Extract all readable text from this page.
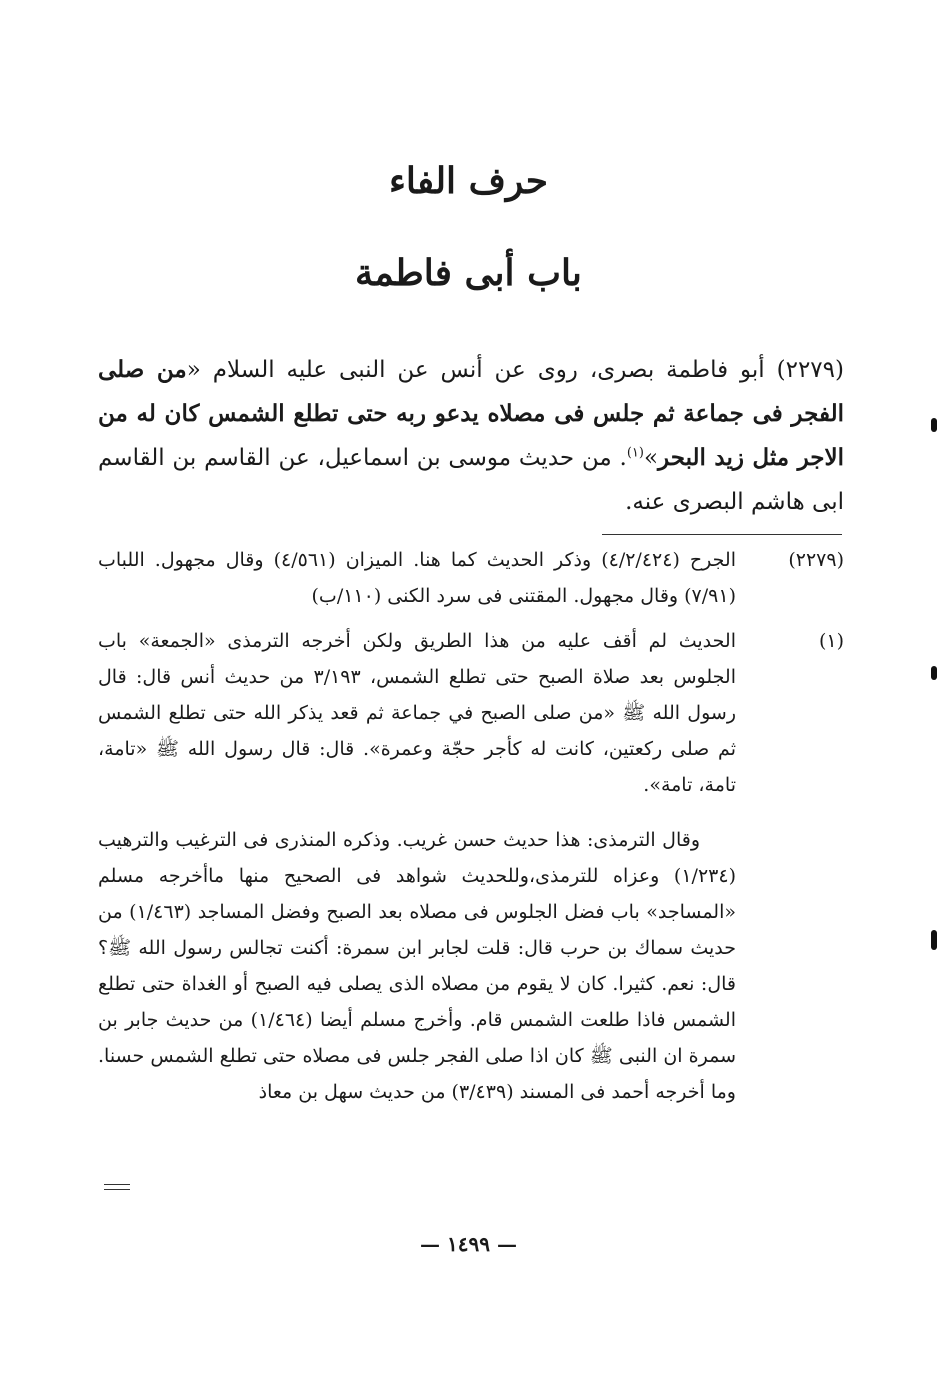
حرف الفاء
باب أبى فاطمة

(٢٢٧٩) أبو فاطمة بصرى، روى عن أنس عن النبى عليه السلام «من صلى الفجر فى جماعة ثم جلس فى مصلاه يدعو ربه حتى تطلع الشمس كان له من الاجر مثل زيد البحر»$^{(١)}$. من حديث موسى بن اسماعيل، عن القاسم بن القاسم ابى هاشم البصرى عنه.

(٢٢٧٩)
الجرح (٤/٢/٤٢٤) وذكر الحديث كما هنا. الميزان (٤/٥٦١) وقال مجهول. اللباب (٧/٩١) وقال مجهول. المقتنى فى سرد الكنى (١١٠/ب)
(١)
الحديث لم أقف عليه من هذا الطريق ولكن أخرجه الترمذى «الجمعة» باب الجلوس بعد صلاة الصبح حتى تطلع الشمس، ٣/١٩٣ من حديث أنس قال: قال رسول الله ﷺ «من صلى الصبح في جماعة ثم قعد يذكر الله حتى تطلع الشمس ثم صلى ركعتين، كانت له كأجر حجّة وعمرة». قال: قال رسول الله ﷺ «تامة، تامة، تامة».
وقال الترمذى: هذا حديث حسن غريب. وذكره المنذرى فى الترغيب والترهيب (١/٢٣٤) وعزاه للترمذى،وللحديث شواهد فى الصحيح منها ماأخرجه مسلم «المساجد» باب فضل الجلوس فى مصلاه بعد الصبح وفضل المساجد (١/٤٦٣) من حديث سماك بن حرب قال: قلت لجابر ابن سمرة: أكنت تجالس رسول الله ﷺ؟ قال: نعم. كثيرا. كان لا يقوم من مصلاه الذى يصلى فيه الصبح أو الغداة حتى تطلع الشمس فاذا طلعت الشمس قام. وأخرج مسلم أيضا (١/٤٦٤) من حديث جابر بن سمرة ان النبى ﷺ كان اذا صلى الفجر جلس فى مصلاه حتى تطلع الشمس حسنا. وما أخرجه أحمد فى المسند (٣/٤٣٩) من حديث سهل بن معاذ
— ١٤٩٩ —
